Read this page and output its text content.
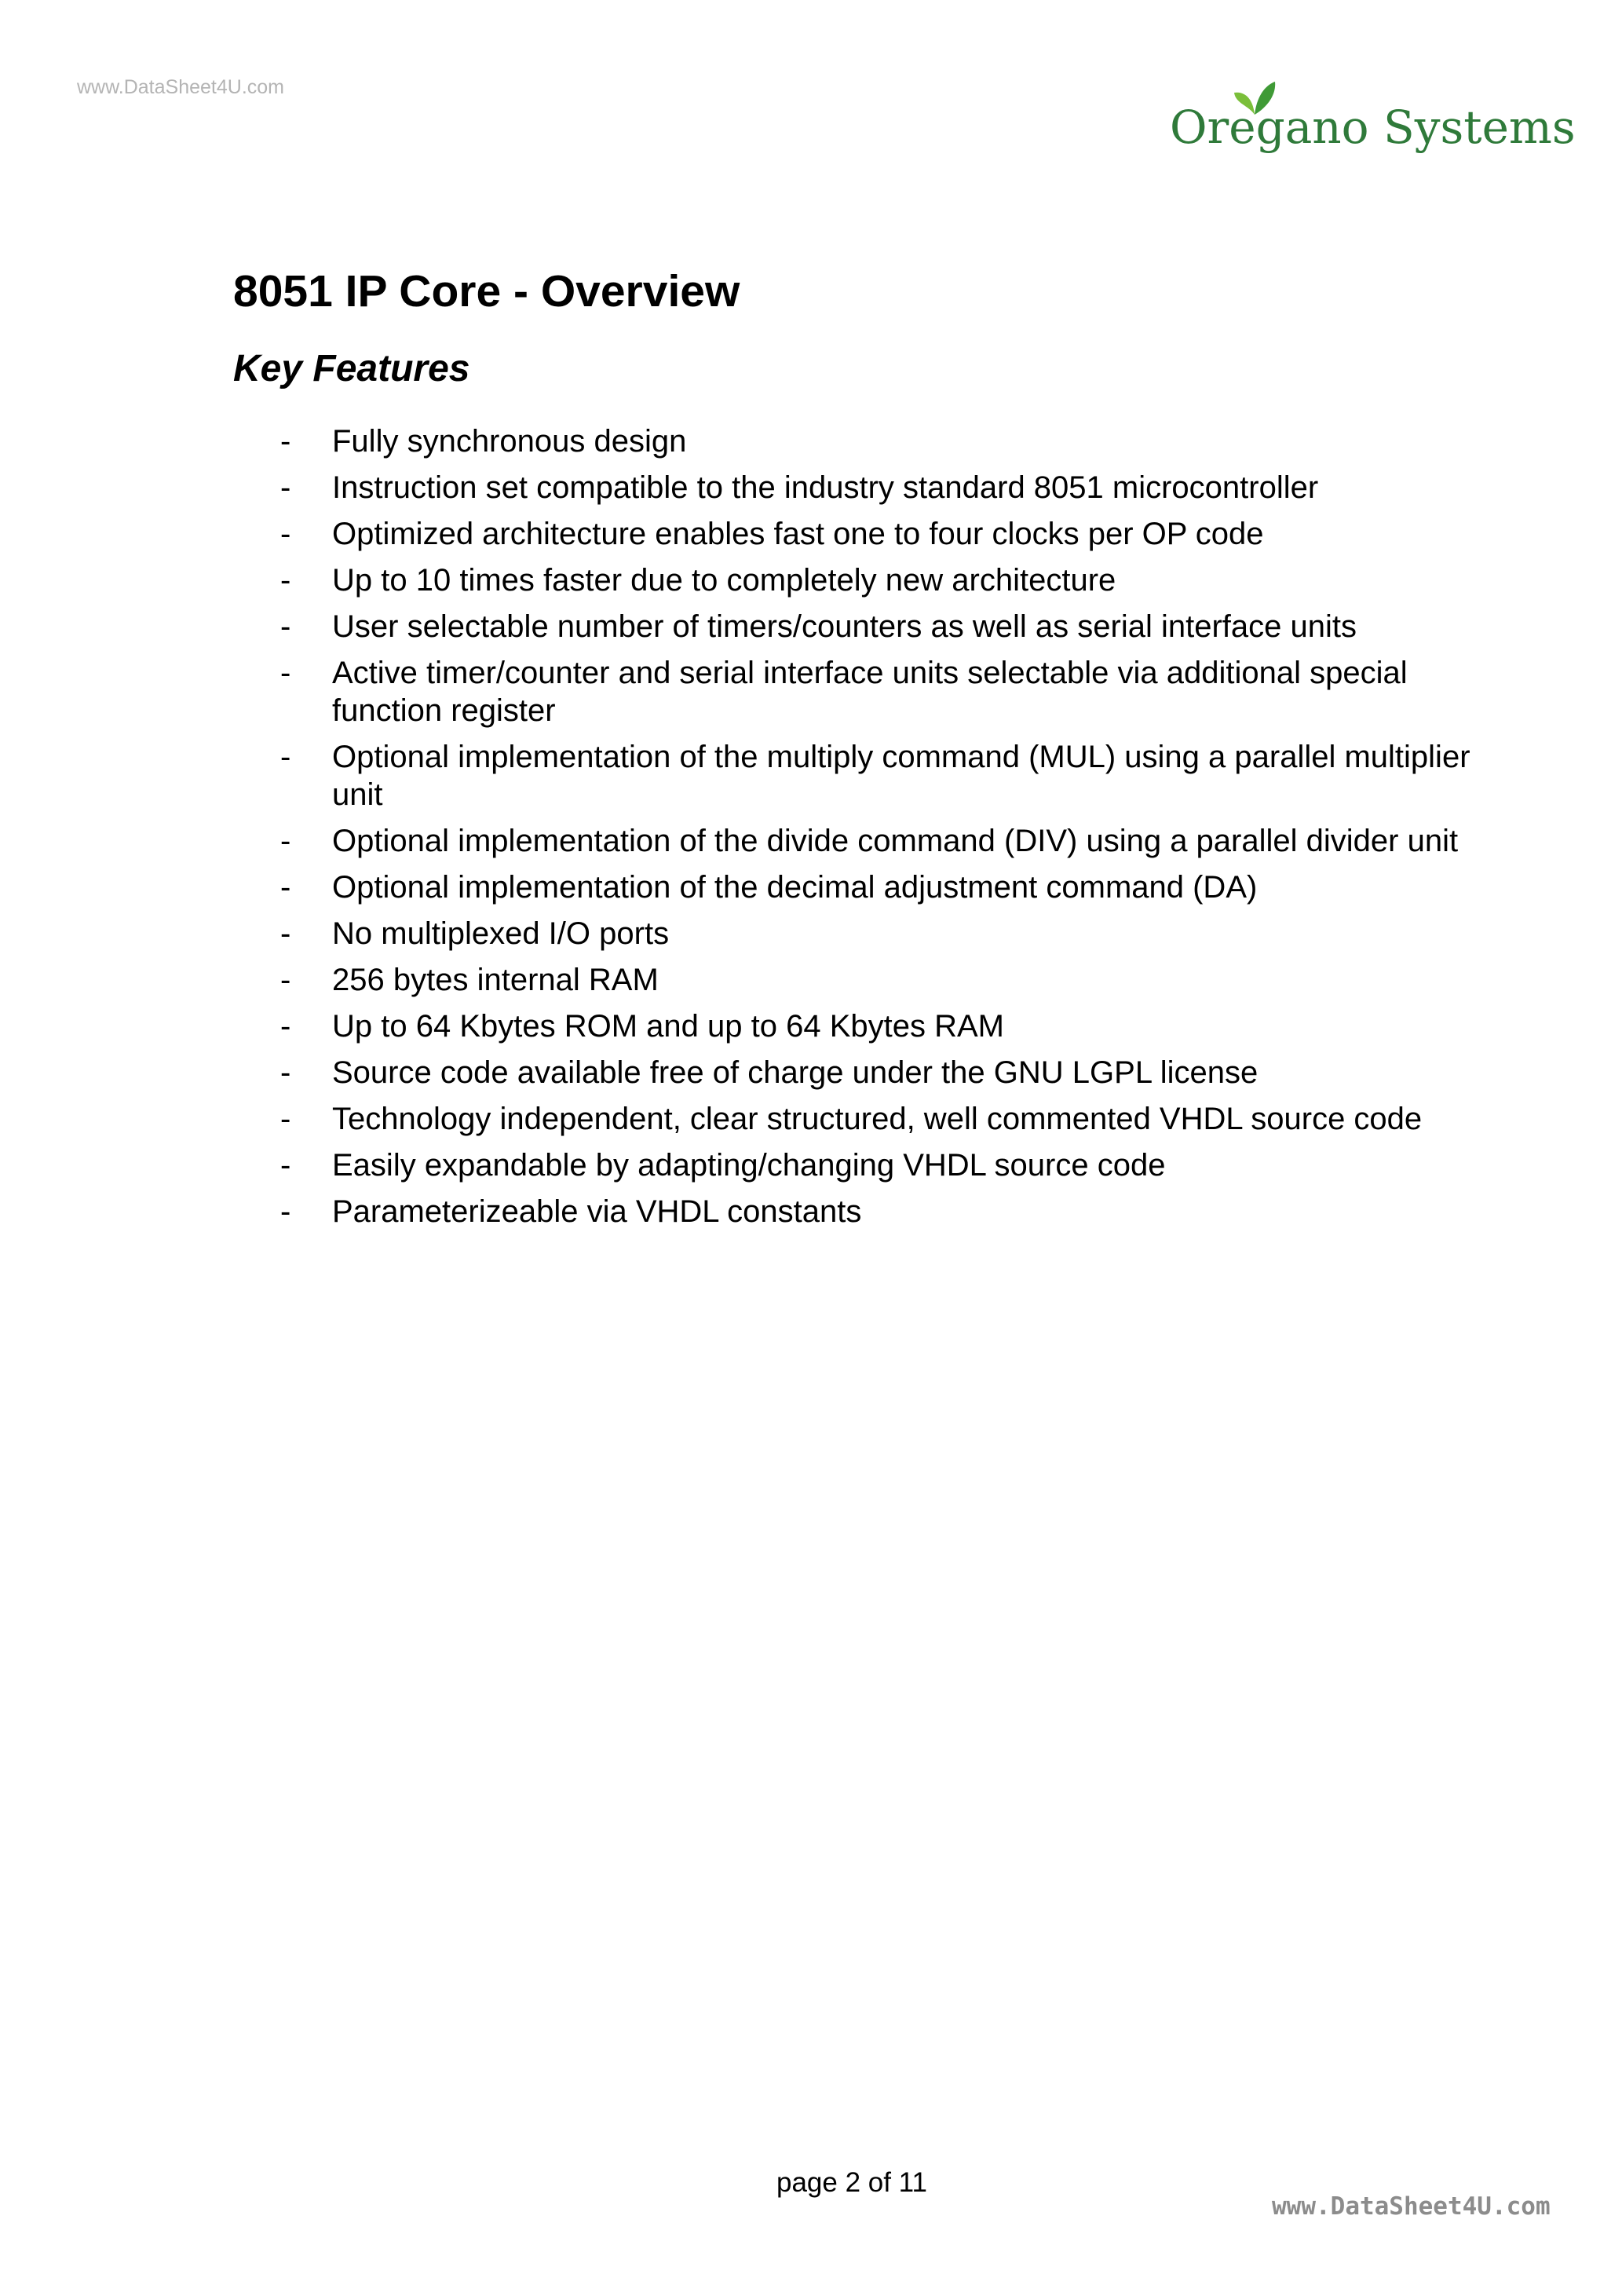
www.DataSheet4U.com
Oregano Systems
8051 IP Core - Overview
Key Features
- Fully synchronous design
- Instruction set compatible to the industry standard 8051 microcontroller
- Optimized architecture enables fast one to four clocks per OP code
- Up to 10 times faster due to completely new architecture
- User selectable number of timers/counters as well as serial interface units
- Active timer/counter and serial interface units selectable via additional special function register
- Optional implementation of the multiply command (MUL) using a parallel multiplier unit
- Optional implementation of the divide command (DIV) using a parallel divider unit
- Optional implementation of the decimal adjustment command (DA)
- No multiplexed I/O ports
- 256 bytes internal RAM
- Up to 64 Kbytes ROM and up to 64 Kbytes RAM
- Source code available free of charge under the GNU LGPL license
- Technology independent, clear structured, well commented VHDL source code
- Easily expandable by adapting/changing VHDL source code
- Parameterizeable via VHDL constants
page 2 of 11
www.DataSheet4U.com
